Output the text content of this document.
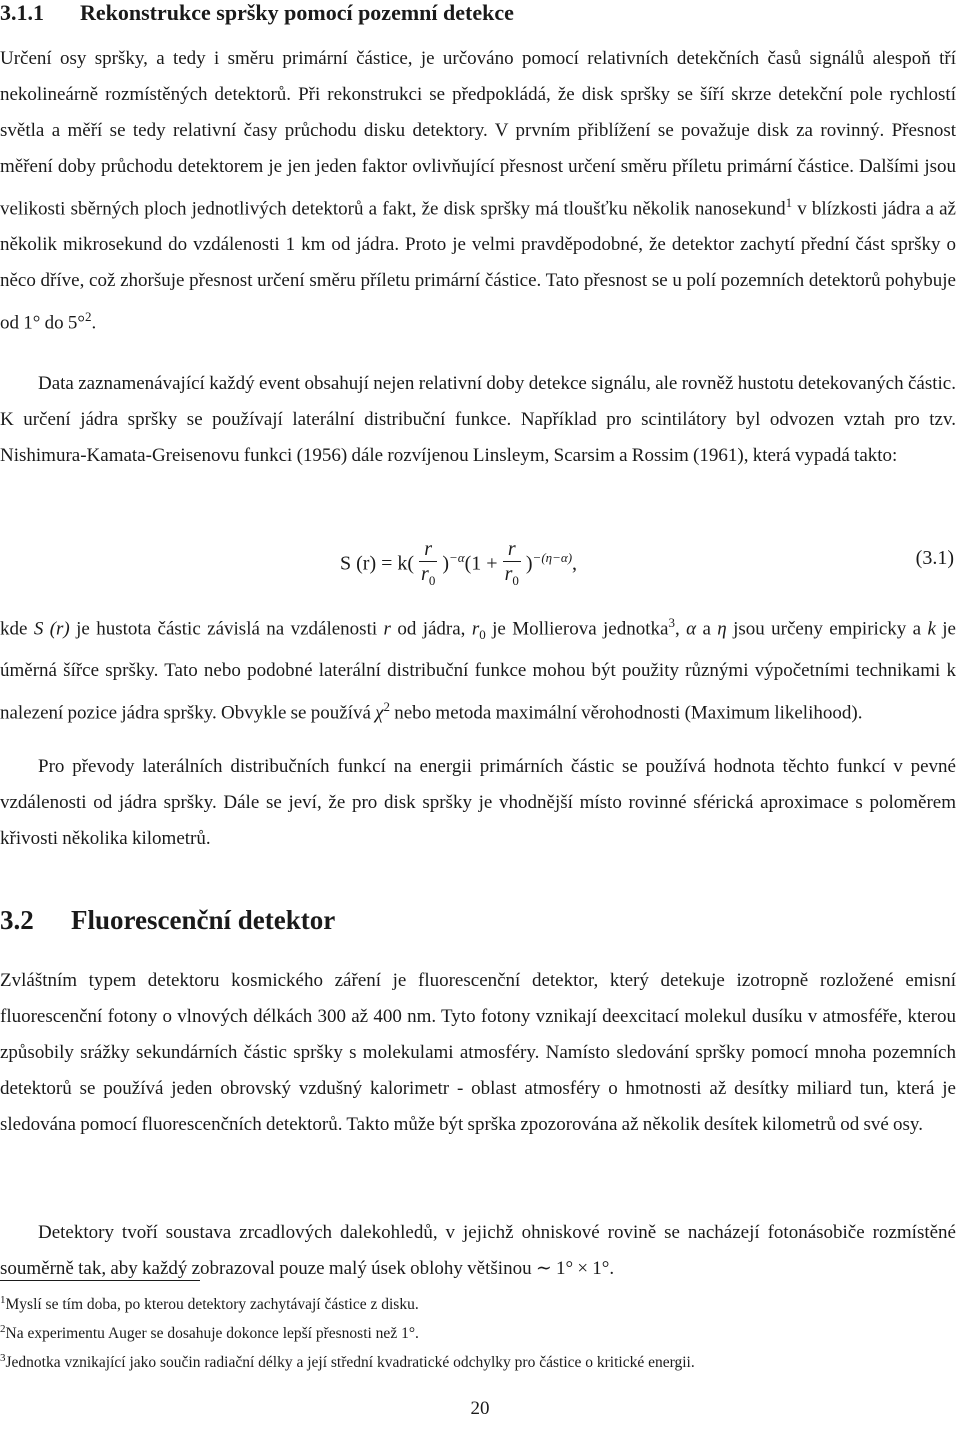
3.1.1 Rekonstrukce spršky pomocí pozemní detekce

Určení osy spršky, a tedy i směru primární částice, je určováno pomocí relativních detekčních časů signálů alespoň tří nekolineárně rozmístěných detektorů. Při rekonstrukci se předpokládá, že disk spršky se šíří skrze detekční pole rychlostí světla a měří se tedy relativní časy průchodu disku detektory. V prvním přiblížení se považuje disk za rovinný. Přesnost měření doby průchodu detektorem je jen jeden faktor ovlivňující přesnost určení směru příletu primární částice. Dalšími jsou velikosti sběrných ploch jednotlivých detektorů a fakt, že disk spršky má tloušťku několik nanosekund$^1$ v blízkosti jádra a až několik mikrosekund do vzdálenosti 1 km od jádra. Proto je velmi pravděpodobné, že detektor zachytí přední část spršky o něco dříve, což zhoršuje přesnost určení směru příletu primární částice. Tato přesnost se u polí pozemních detektorů pohybuje od 1° do 5°$^2$.

Data zaznamenávající každý event obsahují nejen relativní doby detekce signálu, ale rovněž hustotu detekovaných částic. K určení jádra spršky se používají laterální distribuční funkce. Například pro scintilátory byl odvozen vztah pro tzv. Nishimura-Kamata-Greisenovu funkci (1956) dále rozvíjenou Linsleym, Scarsim a Rossim (1961), která vypadá takto:

S $(r) = k( \frac{r}{r_0} )^{-\alpha}(1 + \frac{r}{r_0} )^{-(\eta-\alpha)}$,	(3.1)

kde S (r) je hustota částic závislá na vzdálenosti r od jádra, $r_0$ je Mollierova jednotka$^3$, α a η jsou určeny empiricky a k je úměrná šířce spršky. Tato nebo podobné laterální distribuční funkce mohou být použity různými výpočetními technikami k nalezení pozice jádra spršky. Obvykle se používá $\chi^2$ nebo metoda maximální věrohodnosti (Maximum likelihood).

Pro převody laterálních distribučních funkcí na energii primárních částic se používá hodnota těchto funkcí v pevné vzdálenosti od jádra spršky. Dále se jeví, že pro disk spršky je vhodnější místo rovinné sférická aproximace s poloměrem křivosti několika kilometrů.

3.2 Fluorescenční detektor

Zvláštním typem detektoru kosmického záření je fluorescenční detektor, který detekuje izotropně rozložené emisní fluorescenční fotony o vlnových délkách 300 až 400 nm. Tyto fotony vznikají deexcitací molekul dusíku v atmosféře, kterou způsobily srážky sekundárních částic spršky s molekulami atmosféry. Namísto sledování spršky pomocí mnoha pozemních detektorů se používá jeden obrovský vzdušný kalorimetr - oblast atmosféry o hmotnosti až desítky miliard tun, která je sledována pomocí fluorescenčních detektorů. Takto může být sprška zpozorována až několik desítek kilometrů od své osy.

Detektory tvoří soustava zrcadlových dalekohledů, v jejichž ohniskové rovině se nacházejí fotonásobiče rozmístěné souměrně tak, aby každý zobrazoval pouze malý úsek oblohy většinou ∼ 1° × 1°.

$^1$Myslí se tím doba, po kterou detektory zachytávají částice z disku.

$^2$Na experimentu Auger se dosahuje dokonce lepší přesnosti než 1°.

$^3$Jednotka vznikající jako součin radiační délky a její střední kvadratické odchylky pro částice o kritické energii.

20
